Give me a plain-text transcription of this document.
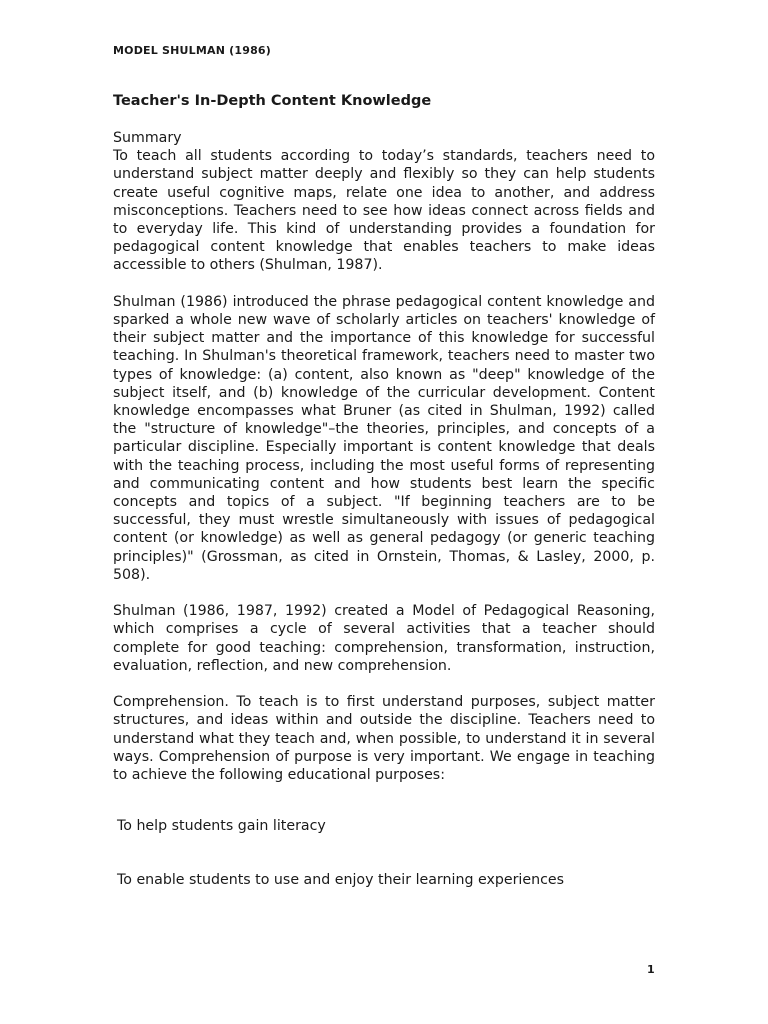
MODEL SHULMAN (1986)
Teacher's In-Depth Content Knowledge

Summary

To teach all students according to today’s standards, teachers need to understand subject matter deeply and flexibly so they can help students create useful cognitive maps, relate one idea to another, and address misconceptions. Teachers need to see how ideas connect across fields and to everyday life. This kind of understanding provides a foundation for pedagogical content knowledge that enables teachers to make ideas accessible to others (Shulman, 1987).

Shulman (1986) introduced the phrase pedagogical content knowledge and sparked a whole new wave of scholarly articles on teachers' knowledge of their subject matter and the importance of this knowledge for successful teaching. In Shulman's theoretical framework, teachers need to master two types of knowledge: (a) content, also known as "deep" knowledge of the subject itself, and (b) knowledge of the curricular development. Content knowledge encompasses what Bruner (as cited in Shulman, 1992) called the "structure of knowledge"–the theories, principles, and concepts of a particular discipline. Especially important is content knowledge that deals with the teaching process, including the most useful forms of representing and communicating content and how students best learn the specific concepts and topics of a subject. "If beginning teachers are to be successful, they must wrestle simultaneously with issues of pedagogical content (or knowledge) as well as general pedagogy (or generic teaching principles)" (Grossman, as cited in Ornstein, Thomas, & Lasley, 2000, p. 508).

Shulman (1986, 1987, 1992) created a Model of Pedagogical Reasoning, which comprises a cycle of several activities that a teacher should complete for good teaching: comprehension, transformation, instruction, evaluation, reflection, and new comprehension.

Comprehension. To teach is to first understand purposes, subject matter structures, and ideas within and outside the discipline. Teachers need to understand what they teach and, when possible, to understand it in several ways. Comprehension of purpose is very important. We engage in teaching to achieve the following educational purposes:

To help students gain literacy
To enable students to use and enjoy their learning experiences
1
